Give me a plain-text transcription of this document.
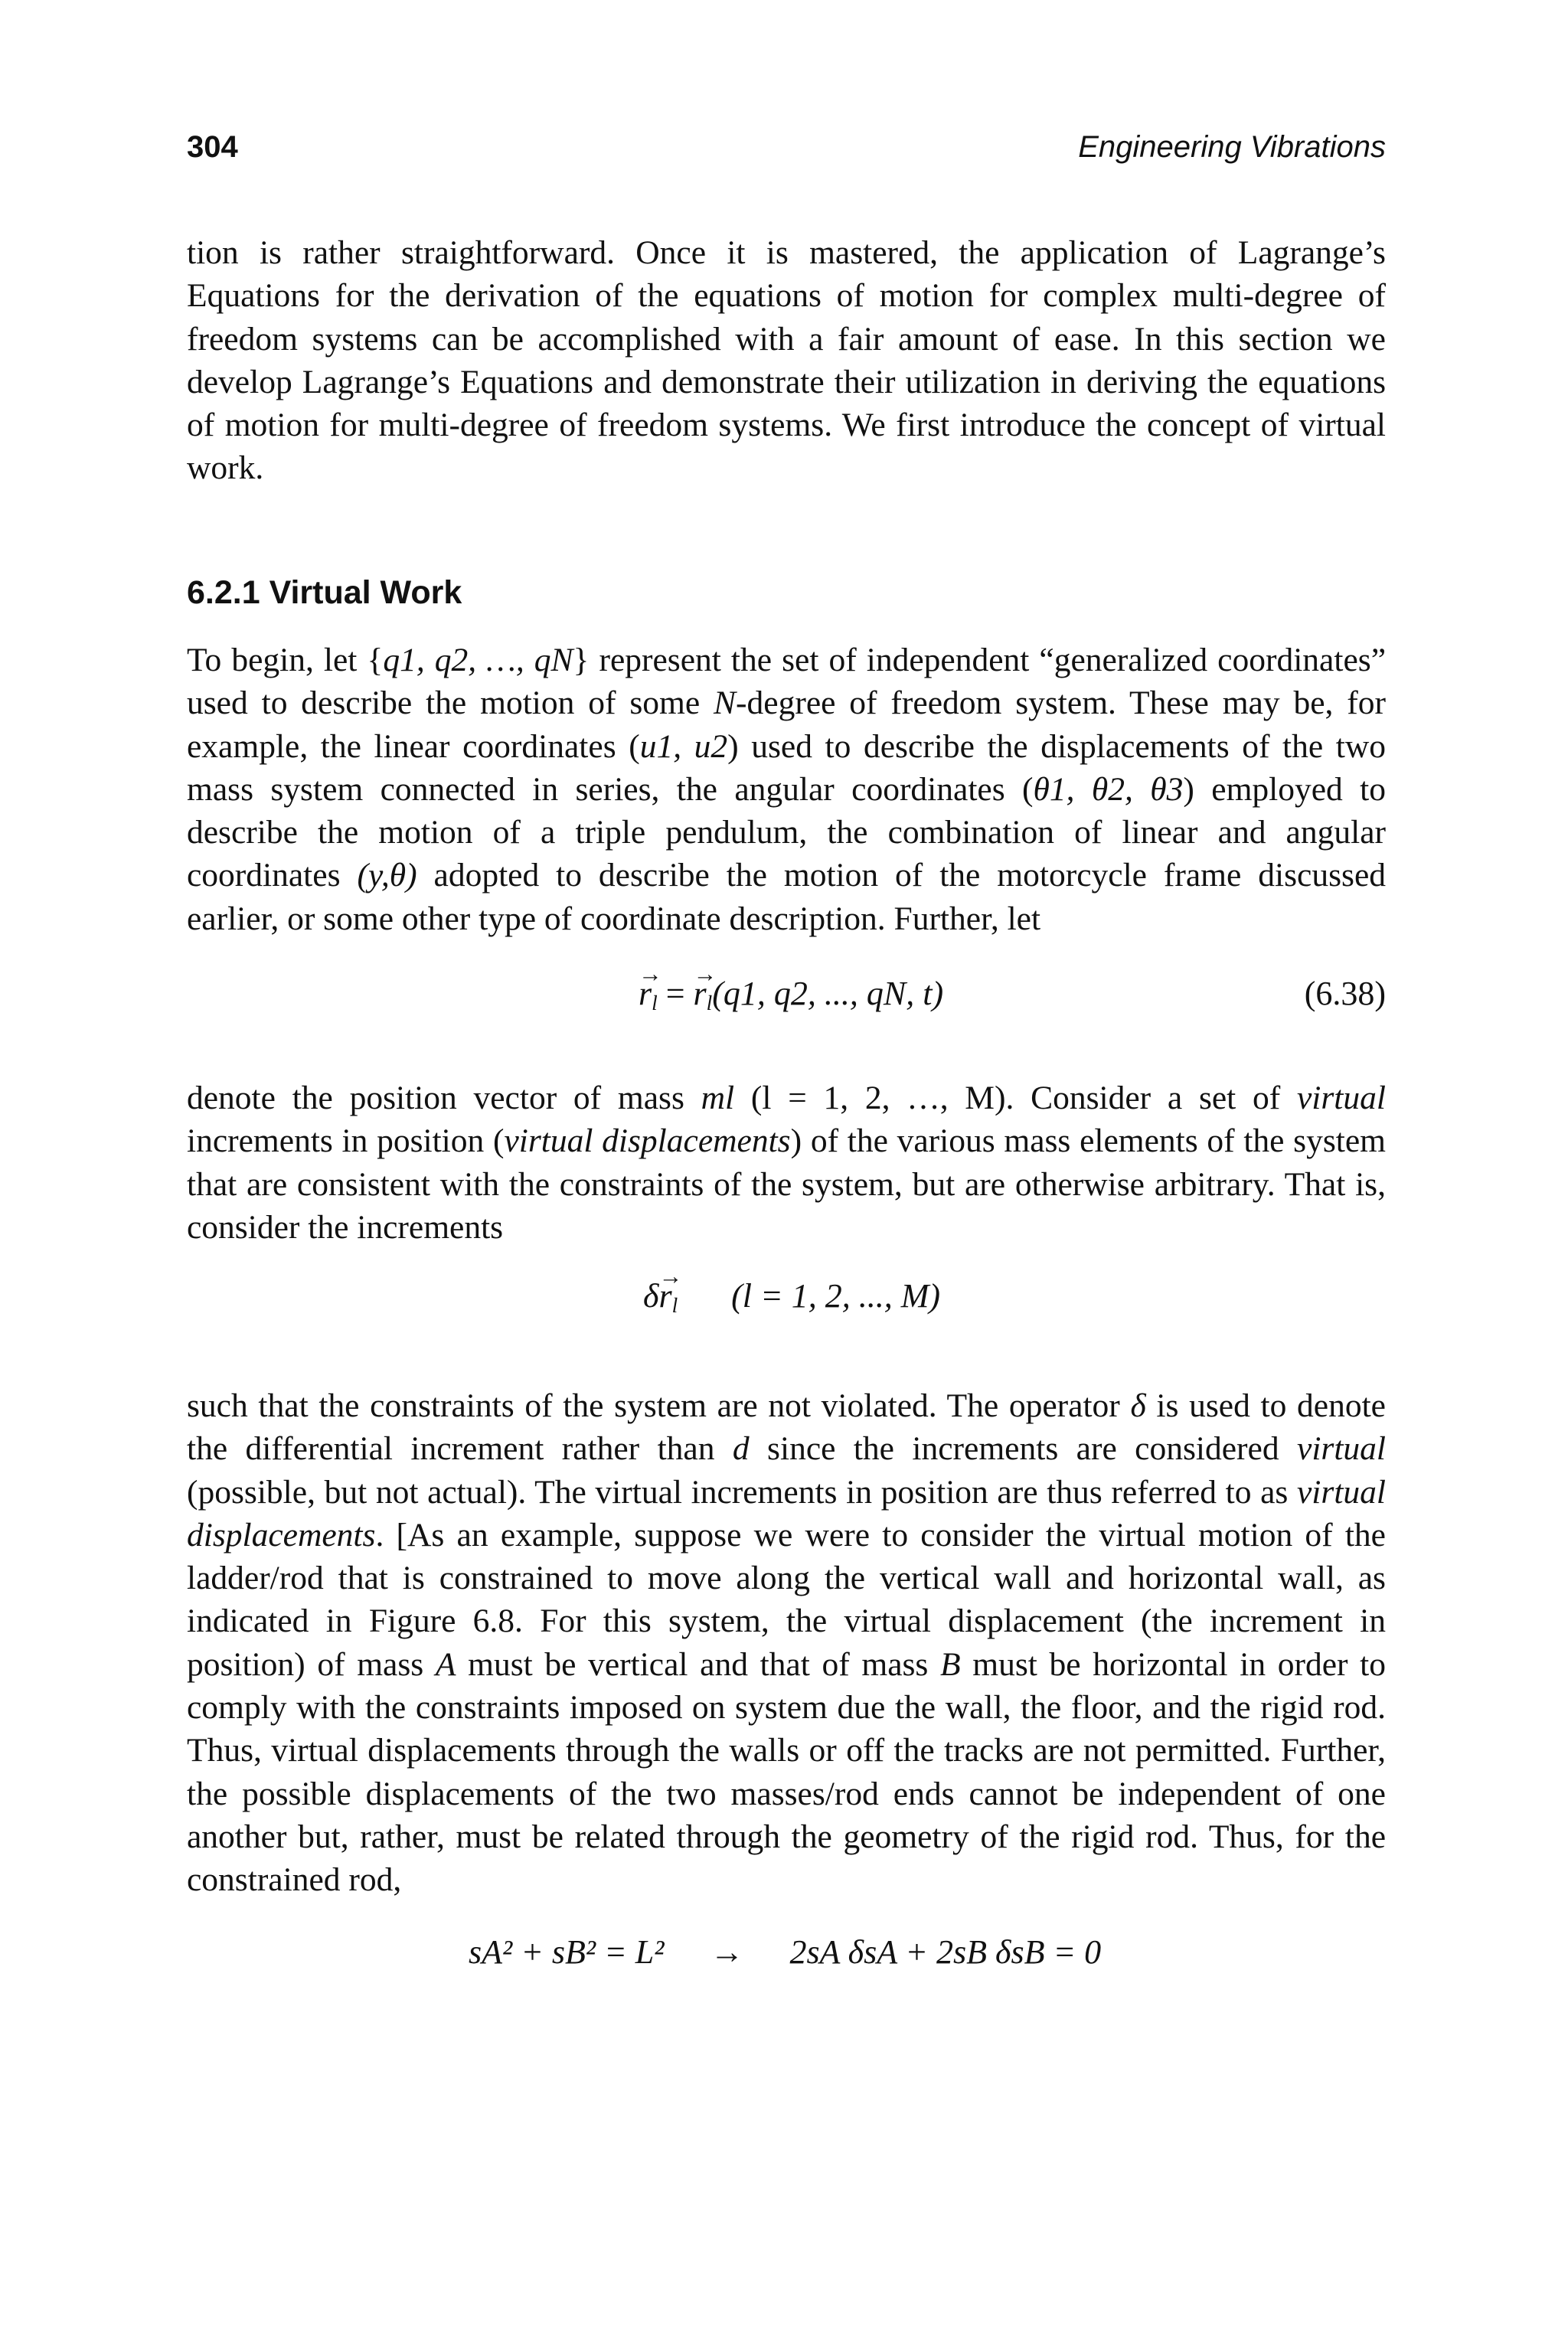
304	Engineering Vibrations
tion is rather straightforward. Once it is mastered, the application of Lagrange’s Equations for the derivation of the equations of motion for complex multi-degree of freedom systems can be accomplished with a fair amount of ease. In this section we develop Lagrange’s Equations and demonstrate their utilization in deriving the equations of motion for multi-degree of freedom systems. We first introduce the concept of virtual work.
6.2.1 Virtual Work
To begin, let {q1, q2, …, qN} represent the set of independent “generalized coordinates” used to describe the motion of some N-degree of freedom system. These may be, for example, the linear coordinates (u1, u2) used to describe the displacements of the two mass system connected in series, the angular coordinates (θ1, θ2, θ3) employed to describe the motion of a triple pendulum, the combination of linear and angular coordinates (y,θ) adopted to describe the motion of the motorcycle frame discussed earlier, or some other type of coordinate description. Further, let
→ $r_l$ = → $r_l(q1$, q2, ..., qN, t)	(6.38)
denote the position vector of mass ml (l = 1, 2, …, M). Consider a set of virtual increments in position (virtual displacements) of the various mass elements of the system that are consistent with the constraints of the system, but are otherwise arbitrary. That is, consider the increments
$\delta\to r_l$ (l = 1, 2, ..., M)
such that the constraints of the system are not violated. The operator δ is used to denote the differential increment rather than d since the increments are considered virtual (possible, but not actual). The virtual increments in position are thus referred to as virtual displacements. [As an example, suppose we were to consider the virtual motion of the ladder/rod that is constrained to move along the vertical wall and horizontal wall, as indicated in Figure 6.8. For this system, the virtual displacement (the increment in position) of mass A must be vertical and that of mass B must be horizontal in order to comply with the constraints imposed on system due the wall, the floor, and the rigid rod. Thus, virtual displacements through the walls or off the tracks are not permitted. Further, the possible displacements of the two masses/rod ends cannot be independent of one another but, rather, must be related through the geometry of the rigid rod. Thus, for the constrained rod,
sA² + sB² = L² → 2sA δsA + 2sB δsB = 0
